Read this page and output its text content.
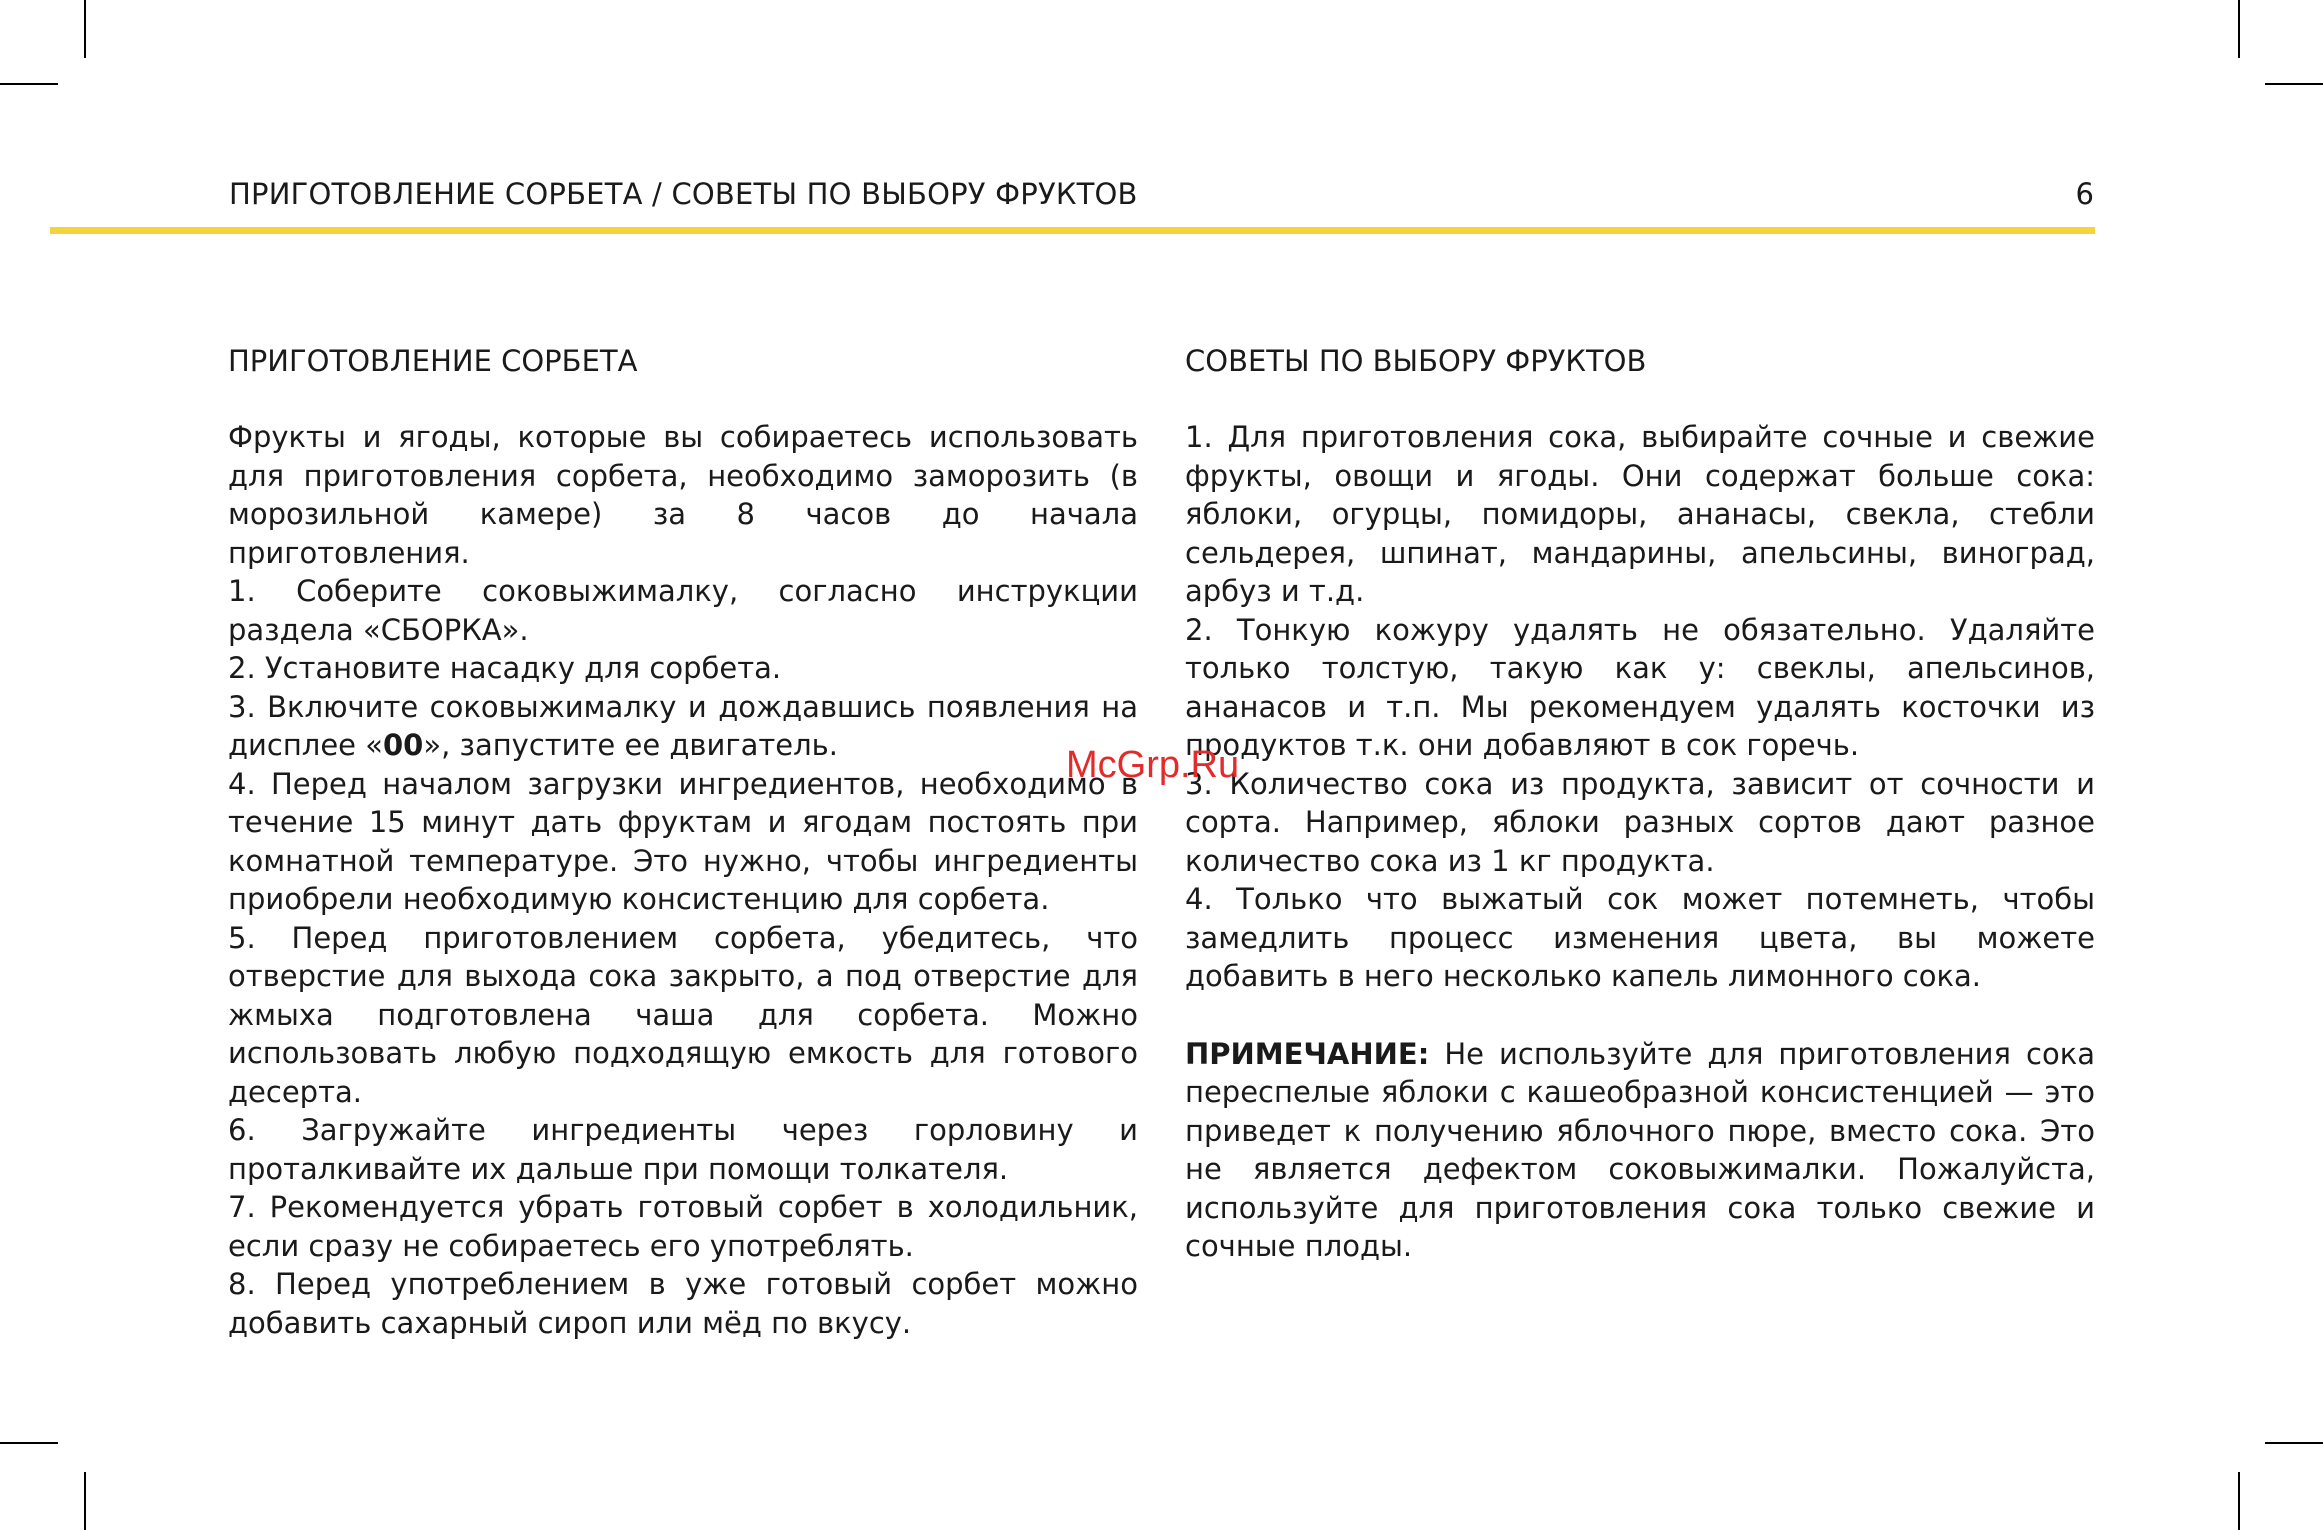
ПРИГОТОВЛЕНИЕ СОРБЕТА / СОВЕТЫ ПО ВЫБОРУ ФРУКТОВ	6
ПРИГОТОВЛЕНИЕ СОРБЕТА

Фрукты и ягоды, которые вы собираетесь использовать для приготовления сорбета, необходимо заморозить (в морозильной камере) за 8 часов до начала приготовления.

1. Соберите соковыжималку, согласно инструкции раздела «СБОРКА».

2. Установите насадку для сорбета.

3. Включите соковыжималку и дождавшись появления на дисплее «00», запустите ее двигатель.

4. Перед началом загрузки ингредиентов, необходимо в течение 15 минут дать фруктам и ягодам постоять при комнатной температуре. Это нужно, чтобы ингредиенты приобрели необходимую консистенцию для сорбета.

5. Перед приготовлением сорбета, убедитесь, что отверстие для выхода сока закрыто, а под отверстие для жмыха подготовлена чаша для сорбета. Можно использовать любую подходящую емкость для готового десерта.

6. Загружайте ингредиенты через горловину и проталкивайте их дальше при помощи толкателя.

7. Рекомендуется убрать готовый сорбет в холодильник, если сразу не собираетесь его употреблять.

8. Перед употреблением в уже готовый сорбет можно добавить сахарный сироп или мёд по вкусу.

СОВЕТЫ ПО ВЫБОРУ ФРУКТОВ

1. Для приготовления сока, выбирайте сочные и свежие фрукты, овощи и ягоды. Они содержат больше сока: яблоки, огурцы, помидоры, ананасы, свекла, стебли сельдерея, шпинат, мандарины, апельсины, виноград, арбуз и т.д.

2. Тонкую кожуру удалять не обязательно. Удаляйте только толстую, такую как у: свеклы, апельсинов, ананасов и т.п. Мы рекомендуем удалять косточки из продуктов т.к. они добавляют в сок горечь.

3. Количество сока из продукта, зависит от сочности и сорта. Например, яблоки разных сортов дают разное количество сока из 1 кг продукта.

4. Только что выжатый сок может потемнеть, чтобы замедлить процесс изменения цвета, вы можете добавить в него несколько капель лимонного сока.

ПРИМЕЧАНИЕ: Не используйте для приготовления сока переспелые яблоки с кашеобразной консистенцией — это приведет к получению яблочного пюре, вместо сока. Это не является дефектом соковыжималки. Пожалуйста, используйте для приготовления сока только свежие и сочные плоды.

McGrp.Ru
